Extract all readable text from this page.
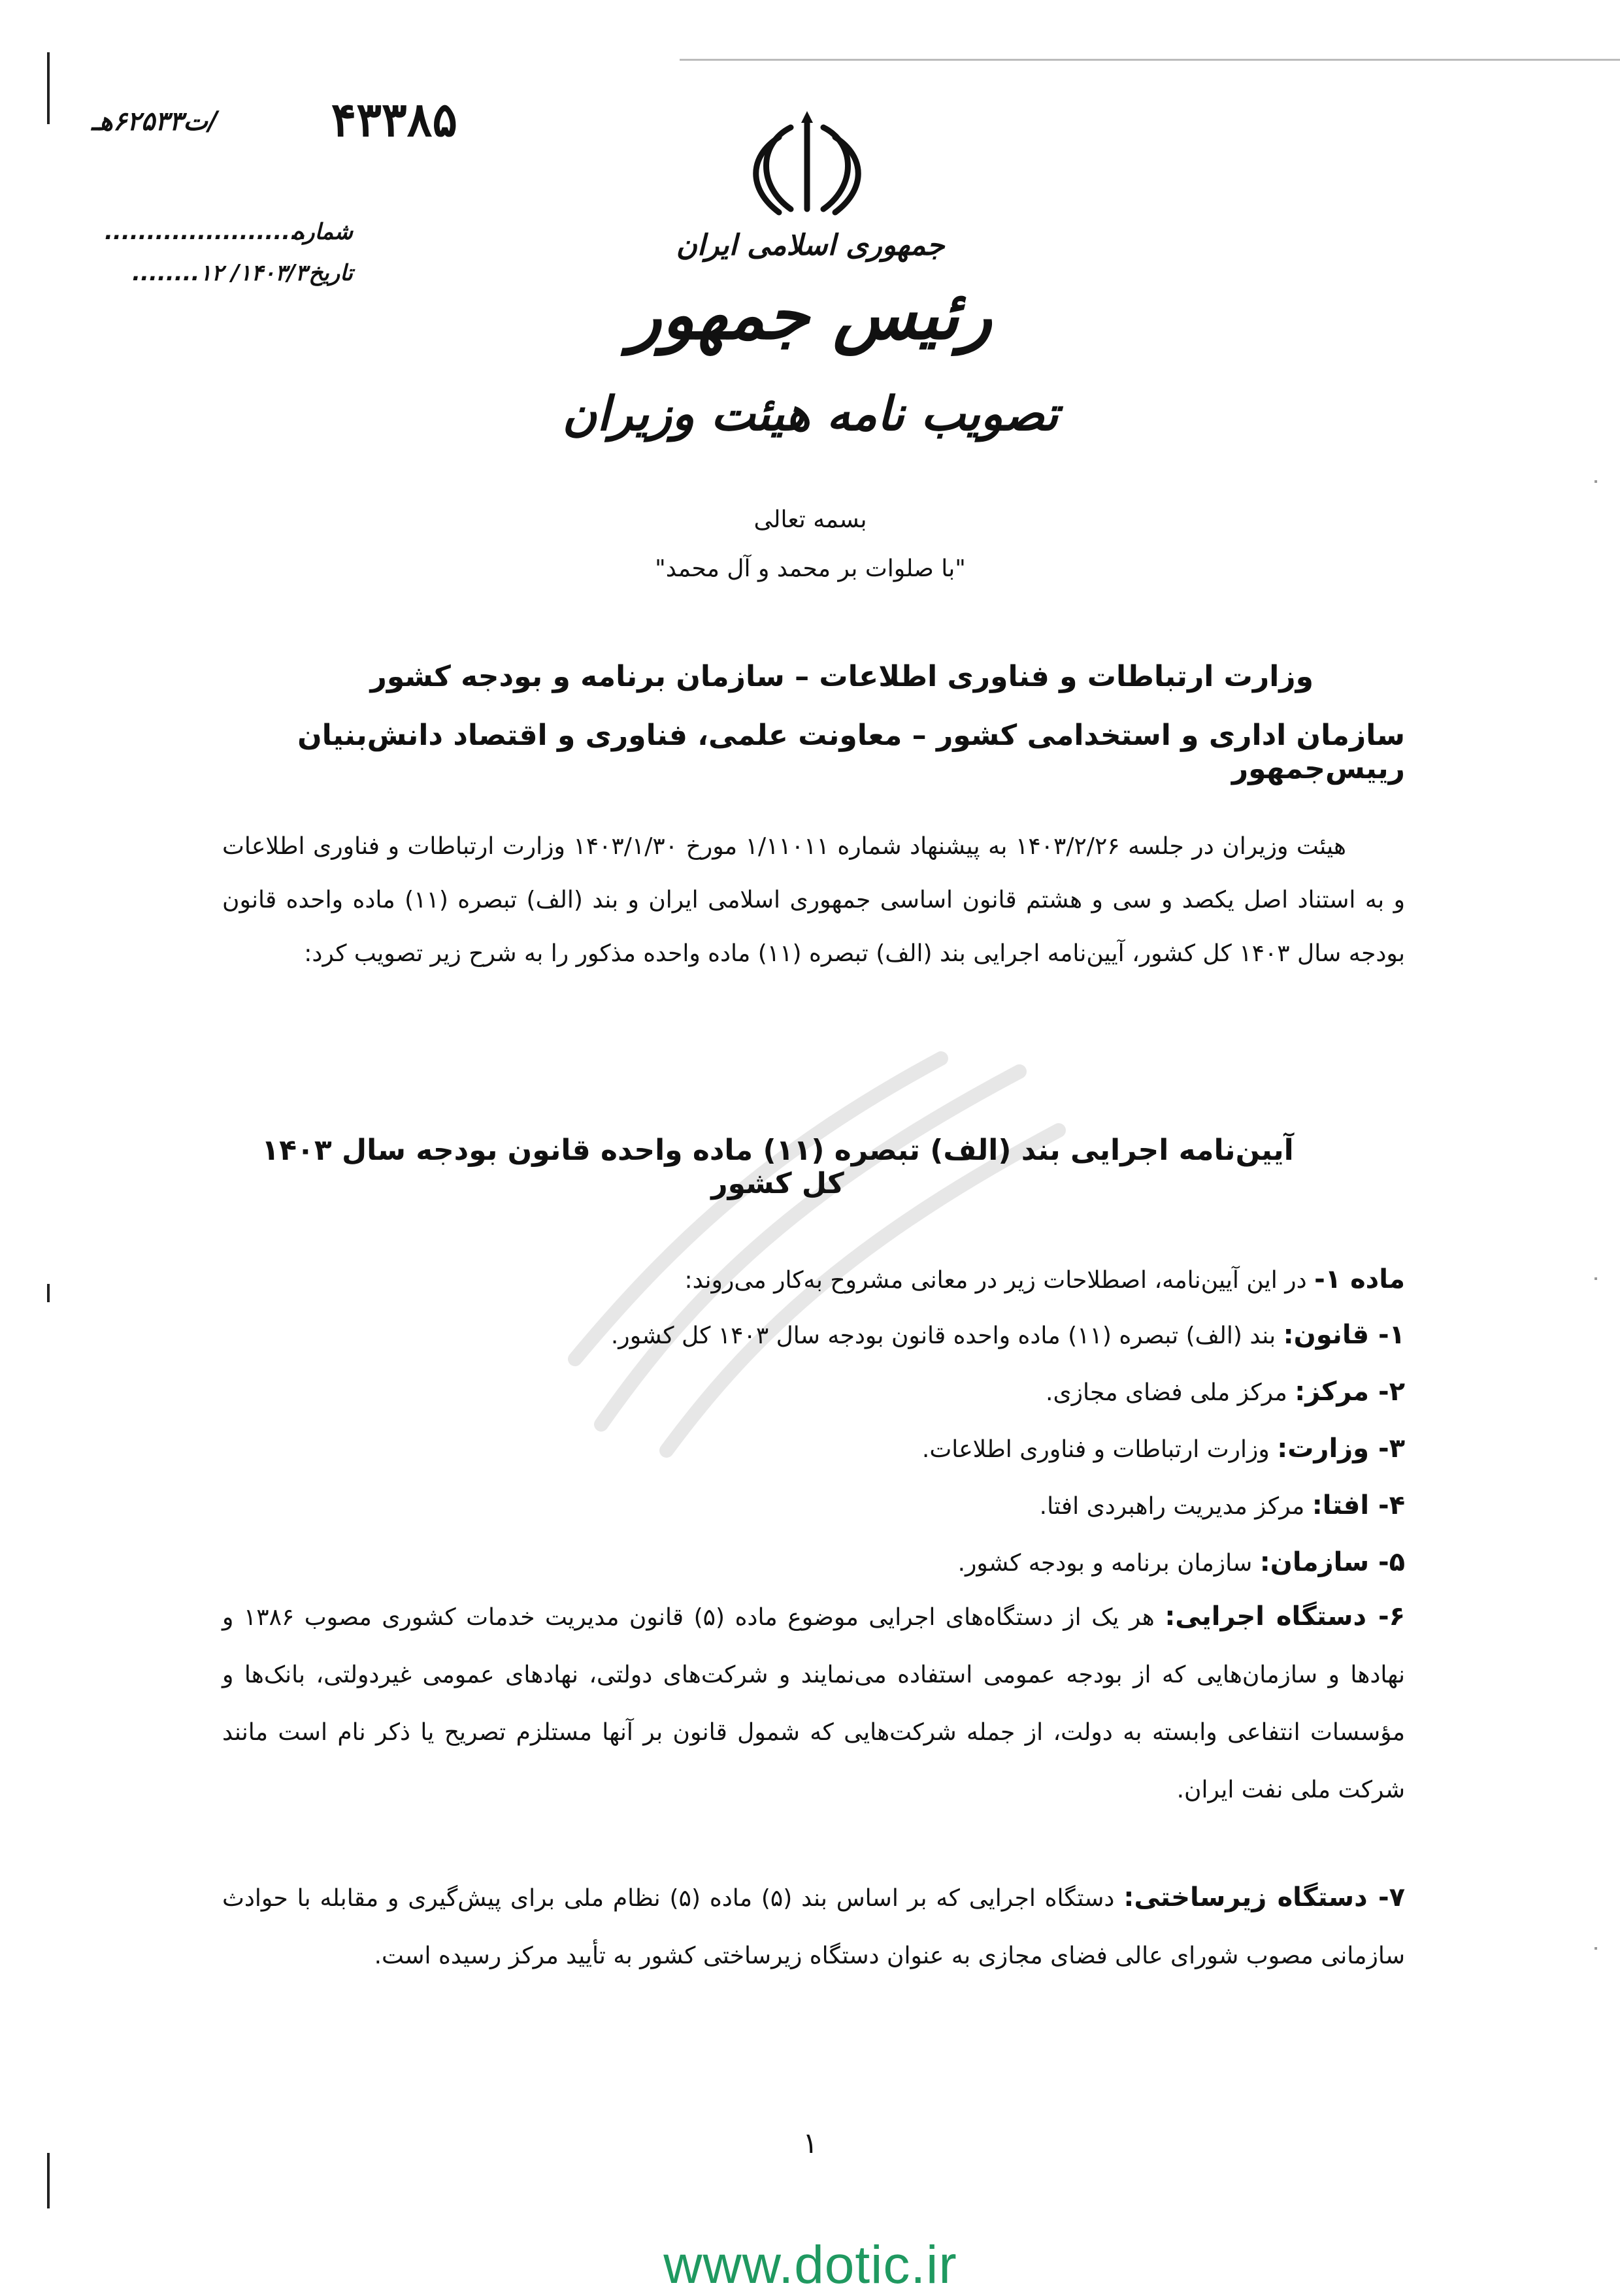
۴۳۳۸۵
/ت۶۲۵۳۳هـ
شماره........................
تاریخ۱۴۰۳/۳/ ۱۲........
جمهوری اسلامی ایران
رئیس جمهور
تصویب نامه هیئت وزیران
بسمه تعالی
"با صلوات بر محمد و آل محمد"
وزارت ارتباطات و فناوری اطلاعات – سازمان برنامه و بودجه کشور
سازمان اداری و استخدامی کشور – معاونت علمی، فناوری و اقتصاد دانش‌بنیان رییس‌جمهور
هیئت وزیران در جلسه ۱۴۰۳/۲/۲۶ به پیشنهاد شماره ۱/۱۱۰۱۱ مورخ ۱۴۰۳/۱/۳۰ وزارت ارتباطات و فناوری اطلاعات و به استناد اصل یکصد و سی و هشتم قانون اساسی جمهوری اسلامی ایران و بند (الف) تبصره (۱۱) ماده واحده قانون بودجه سال ۱۴۰۳ کل کشور، آیین‌نامه اجرایی بند (الف) تبصره (۱۱) ماده واحده مذکور را به شرح زیر تصویب کرد:
آیین‌نامه اجرایی بند (الف) تبصره (۱۱) ماده واحده قانون بودجه سال ۱۴۰۳ کل کشور
ماده ۱- در این آیین‌نامه، اصطلاحات زیر در معانی مشروح به‌کار می‌روند:
۱- قانون: بند (الف) تبصره (۱۱) ماده واحده قانون بودجه سال ۱۴۰۳ کل کشور.
۲- مرکز: مرکز ملی فضای مجازی.
۳- وزارت: وزارت ارتباطات و فناوری اطلاعات.
۴- افتا: مرکز مدیریت راهبردی افتا.
۵- سازمان: سازمان برنامه و بودجه کشور.
۶- دستگاه اجرایی: هر یک از دستگاه‌های اجرایی موضوع ماده (۵) قانون مدیریت خدمات کشوری مصوب ۱۳۸۶ و نهادها و سازمان‌هایی که از بودجه عمومی استفاده می‌نمایند و شرکت‌های دولتی، نهادهای عمومی غیردولتی، بانک‌ها و مؤسسات انتفاعی وابسته به دولت، از جمله شرکت‌هایی که شمول قانون بر آنها مستلزم تصریح یا ذکر نام است مانند شرکت ملی نفت ایران.
۷- دستگاه زیرساختی: دستگاه اجرایی که بر اساس بند (۵) ماده (۵) نظام ملی برای پیش‌گیری و مقابله با حوادث سازمانی مصوب شورای عالی فضای مجازی به عنوان دستگاه زیرساختی کشور به تأیید مرکز رسیده است.
۱
www.dotic.ir
